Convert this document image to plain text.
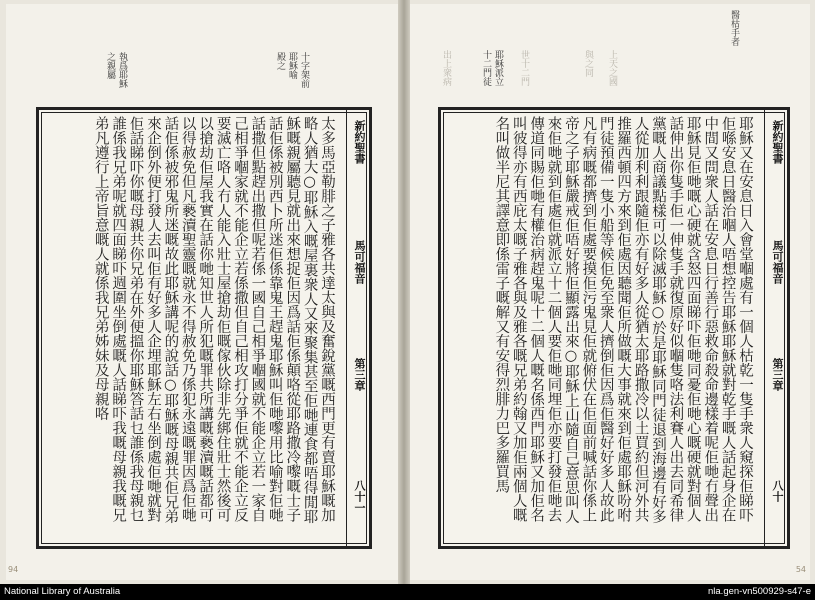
之親屬 執爲耶穌	殿之 耶穌喻 十字架前
太多馬亞勒腓之子雅各共達太與及奮銳黨嘅西門更有賣耶穌嘅加略人猶大○耶穌入嘅屋裏衆人又來聚集甚至佢哋連食都唔得閒耶穌嘅親屬聽見就出來想捉佢因爲話佢係顛咯從耶路撒冷嚟嘅士子話佢係被別西卜所迷佢係靠鬼王趕鬼耶穌叫佢哋嚟用比喻對佢哋話撒但點趕出撒但呢若係一國自己相爭嗰國就不能企立若一家自己相爭嗰家就不能企立若係撒但自己相攻打分爭佢就不能企立反要滅亡咯人冇人能入壯士屋搶劫佢嘅傢伙除非先綁住壯士然後可以搶劫佢屋我實在話你哋知世人所犯嘅罪共所講嘅褻瀆嘅話都可以得赦免但凡褻瀆聖靈嘅就永不得赦免乃係犯永遠嘅罪因爲佢哋話佢係被邪鬼所迷嘅故此耶穌講呢的說話○耶穌嘅母親共佢兄弟來企倒外便打發人去叫佢有好多人企埋耶穌左右坐倒處佢哋就對佢話睇吓你嘅母親共你兄弟在外便搵你耶穌答話乜誰係我母親乜誰係我兄弟呢就四面睇吓週圍坐倒處嘅人話睇吓我嘅母親我嘅兄弟凡遵行上帝旨意嘅人就係我兄弟姊妹及母親咯	新約聖書
馬可福音
第三章
八十一
94
出上衆病	世十二門	與之同 上天之國
十二門徒 耶穌派立
醫枯手者
耶穌又在安息日入會堂嗰處有一個人枯乾一隻手衆人窺探佢睇吓佢喺安息日醫治嗰人唔想控告耶穌耶穌就對乾手嘅人話起身企在中間又問衆人話在安息日行善行惡救命殺命邊樣着呢佢哋冇聲出耶穌見佢哋嘅心硬就含怒四面睇吓佢哋同憂佢哋心嘅硬就對個人話伸出你隻手佢一伸隻手就復原好似嗰隻咯法利賽人出去同希律黨嘅人商議點樣可以除滅耶穌○於是耶穌同門徒退到海邊有好多人從加利利跟隨佢亦有好多人從猶太耶路撒冷以土買約但河外共推羅西頓四方來到佢處因聽聞佢所做嘅大事就來到佢處耶穌吩咐門徒預備一隻小船等候佢免至衆人擠倒佢因爲佢醫好好多人故此凡有病嘅都擠到佢處要摸佢污鬼見佢就俯伏在佢面前喊話你係上帝之子耶穌嚴戒佢唔好將佢顯露出來○耶穌上山隨自己意思叫人來佢哋就到佢處佢就派立十二個人要佢哋同埋佢亦要打發佢哋去傳道同賜佢哋有權治病趕鬼呢十二個人嘅名係西門耶穌又加佢名叫彼得亦有西庇太嘅子雅各與及雅各嘅兄弟約翰又加佢兩個人嘅名叫做半尼其譯意即係雷子嘅解又有安得烈腓力巴多羅買馬	新約聖書
馬可福音
第三章
八十
54
National Library of Australia	nla.gen-vn500929-s47-e
